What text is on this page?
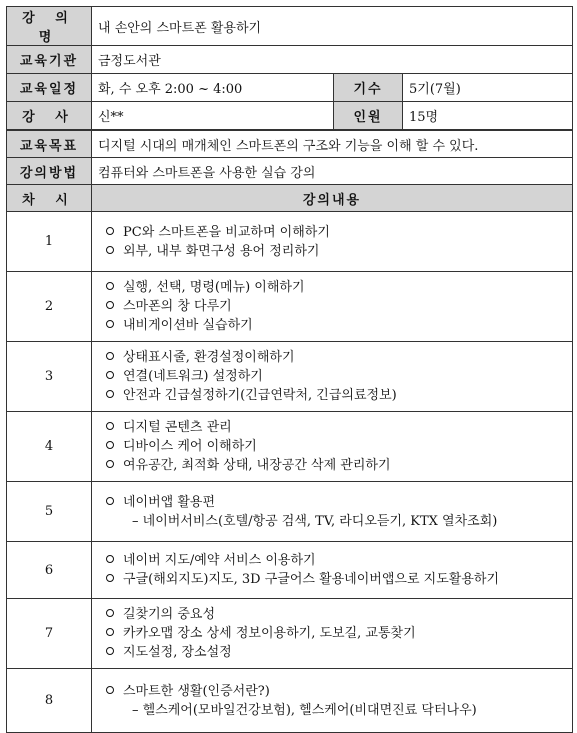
강 의 명	내 손안의 스마트폰 활용하기		
교육기관	금정도서관		
교육일정	화, 수 오후 2:00 ~ 4:00	기수	5기(7월)
강 사	신**	인원	15명
교육목표	디지털 시대의 매개체인 스마트폰의 구조와 기능을 이해 할 수 있다.
강의방법	컴퓨터와 스마트폰을 사용한 실습 강의
차 시	강의내용
1	PC와 스마트폰을 비교하며 이해하기
외부, 내부 화면구성 용어 정리하기

2	실행, 선택, 명령(메뉴) 이해하기
스마폰의 창 다루기
내비게이션바 실습하기

3	상태표시줄, 환경설정이해하기
연결(네트워크) 설정하기
안전과 긴급설정하기(긴급연락처, 긴급의료정보)

4	디지털 콘텐츠 관리
디바이스 케어 이해하기
여유공간, 최적화 상태, 내장공간 삭제 관리하기

5	네이버앱 활용편
– 네이버서비스(호텔/항공 검색, TV, 라디오듣기, KTX 열차조회)

6	네이버 지도/예약 서비스 이용하기
구글(해외지도)지도, 3D 구글어스 활용네이버앱으로 지도활용하기

7	길찾기의 중요성
카카오맵 장소 상세 정보이용하기, 도보길, 교통찾기
지도설정, 장소설정

8	스마트한 생활(인증서란?)
– 헬스케어(모바일건강보험), 헬스케어(비대면진료 닥터나우)
